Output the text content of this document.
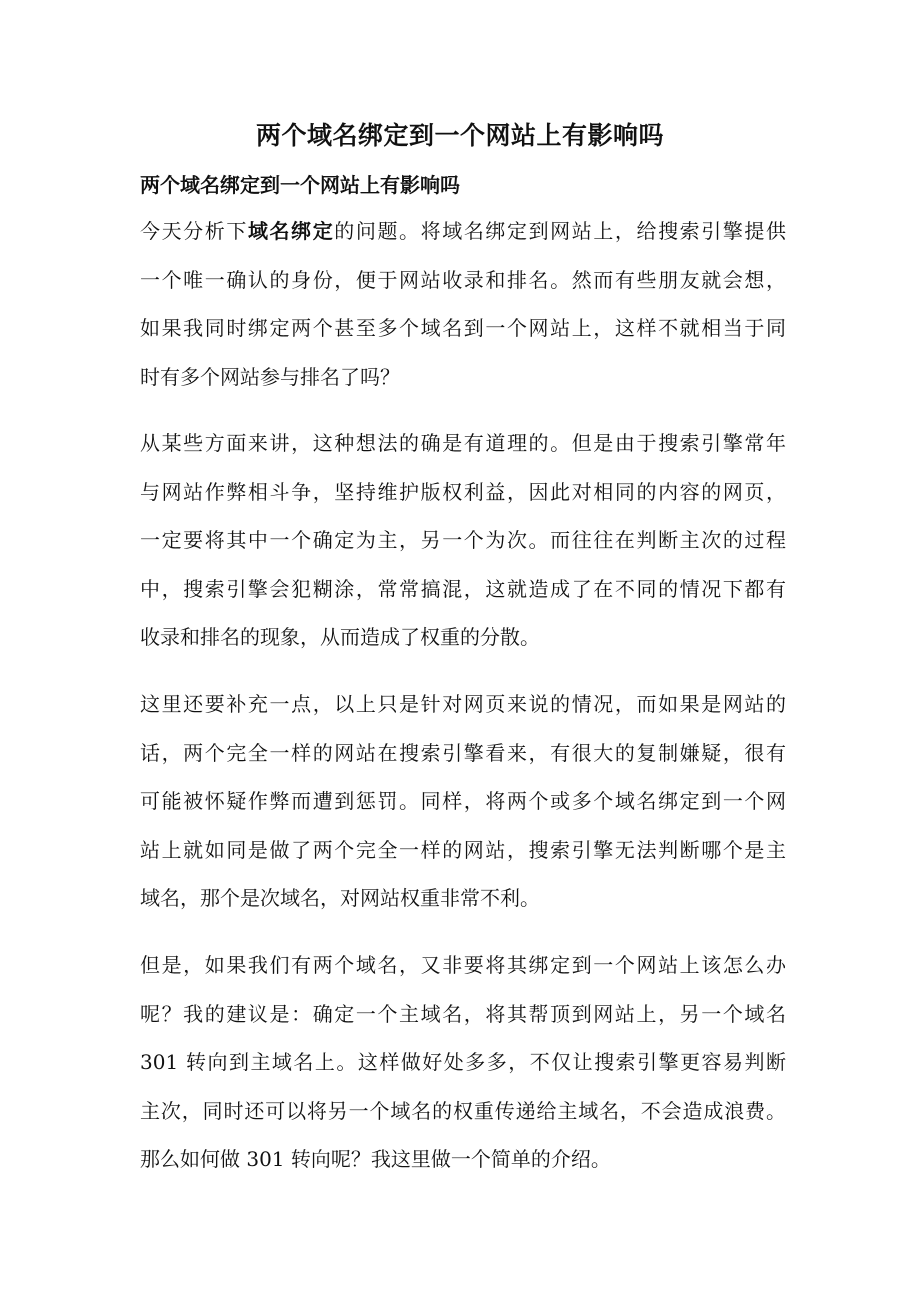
两个域名绑定到一个网站上有影响吗
两个域名绑定到一个网站上有影响吗
今天分析下域名绑定的问题。将域名绑定到网站上，给搜索引擎提供
一个唯一确认的身份，便于网站收录和排名。然而有些朋友就会想，
如果我同时绑定两个甚至多个域名到一个网站上，这样不就相当于同
时有多个网站参与排名了吗？
从某些方面来讲，这种想法的确是有道理的。但是由于搜索引擎常年
与网站作弊相斗争，坚持维护版权利益，因此对相同的内容的网页，
一定要将其中一个确定为主，另一个为次。而往往在判断主次的过程
中，搜索引擎会犯糊涂，常常搞混，这就造成了在不同的情况下都有
收录和排名的现象，从而造成了权重的分散。
这里还要补充一点，以上只是针对网页来说的情况，而如果是网站的
话，两个完全一样的网站在搜索引擎看来，有很大的复制嫌疑，很有
可能被怀疑作弊而遭到惩罚。同样，将两个或多个域名绑定到一个网
站上就如同是做了两个完全一样的网站，搜索引擎无法判断哪个是主
域名，那个是次域名，对网站权重非常不利。
但是，如果我们有两个域名，又非要将其绑定到一个网站上该怎么办
呢？我的建议是：确定一个主域名，将其帮顶到网站上，另一个域名
301 转向到主域名上。这样做好处多多，不仅让搜索引擎更容易判断
主次，同时还可以将另一个域名的权重传递给主域名，不会造成浪费。
那么如何做 301 转向呢？我这里做一个简单的介绍。
